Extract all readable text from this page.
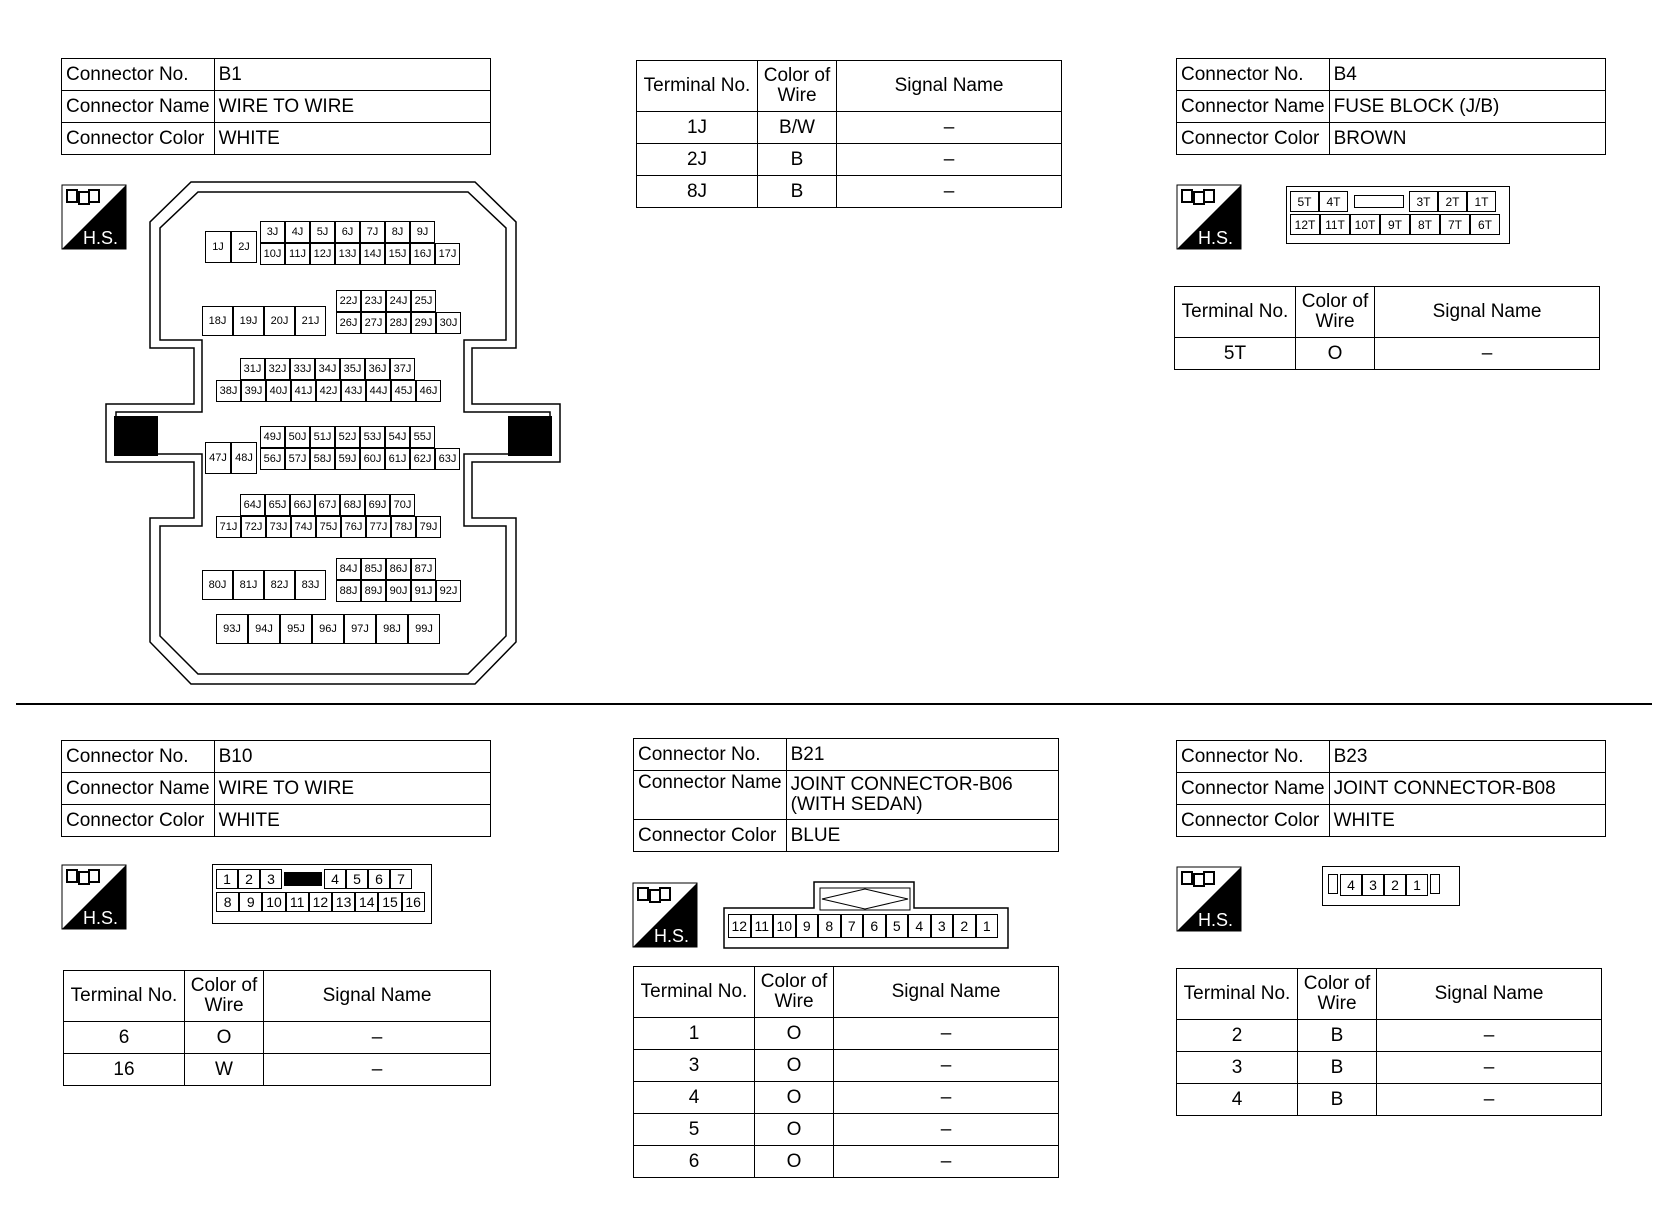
Connector No.	B1
Connector Name	WIRE TO WIRE
Connector Color	WHITE
H.S.	3J	4J	5J	6J	7J	8J	9J
1J	2J
10J 11J 12J 13J 14J 15J 16J 17J
18J	19J	20J	21J
22J 23J 24J 25J
26J 27J 28J 29J 30J
31J 32J 33J 34J 35J 36J 37J
38J 39J 40J 41J 42J 43J 44J 45J 46J
47J 48J
49J 50J 51J 52J 53J 54J 55J
56J 57J 58J 59J 60J 61J 62J 63J
64J 65J 66J 67J 68J 69J 70J
71J 72J 73J 74J 75J 76J 77J 78J 79J
80J	81J	82J	83J
84J 85J 86J 87J
88J 89J 90J 91J 92J
93J	94J	95J	96J	97J	98J	99J
Terminal No.	Color of Wire	Signal Name
1J	B/W	–
2J	B	–
8J	B	–
Connector No.	B4
Connector Name	FUSE BLOCK (J/B)
Connector Color	BROWN
H.S.
5T	4T	3T	2T	1T
12T 11T 10T	9T	8T	7T	6T
Terminal No.	Color of Wire	Signal Name
5T	O	–
Connector No.	B10
Connector Name	WIRE TO WIRE
Connector Color	WHITE
H.S.
1	2	3	4	5	6	7
8	9 10 11 12 13 14 15 16
Terminal No.	Color of Wire	Signal Name
6	O	–
16	W	–
Connector No.	B21
Connector Name	JOINT CONNECTOR-B06 (WITH SEDAN)
Connector Color	BLUE
H.S.	12 11 10 9	8	7	6	5	4	3	2	1
Terminal No.	Color of Wire	Signal Name
1	O	–
3	O	–
4	O	–
5	O	–
6	O	–
Connector No.	B23
Connector Name	JOINT CONNECTOR-B08
Connector Color	WHITE
H.S.
4	3	2	1
Terminal No.	Color of Wire	Signal Name
2	B	–
3	B	–
4	B	–
